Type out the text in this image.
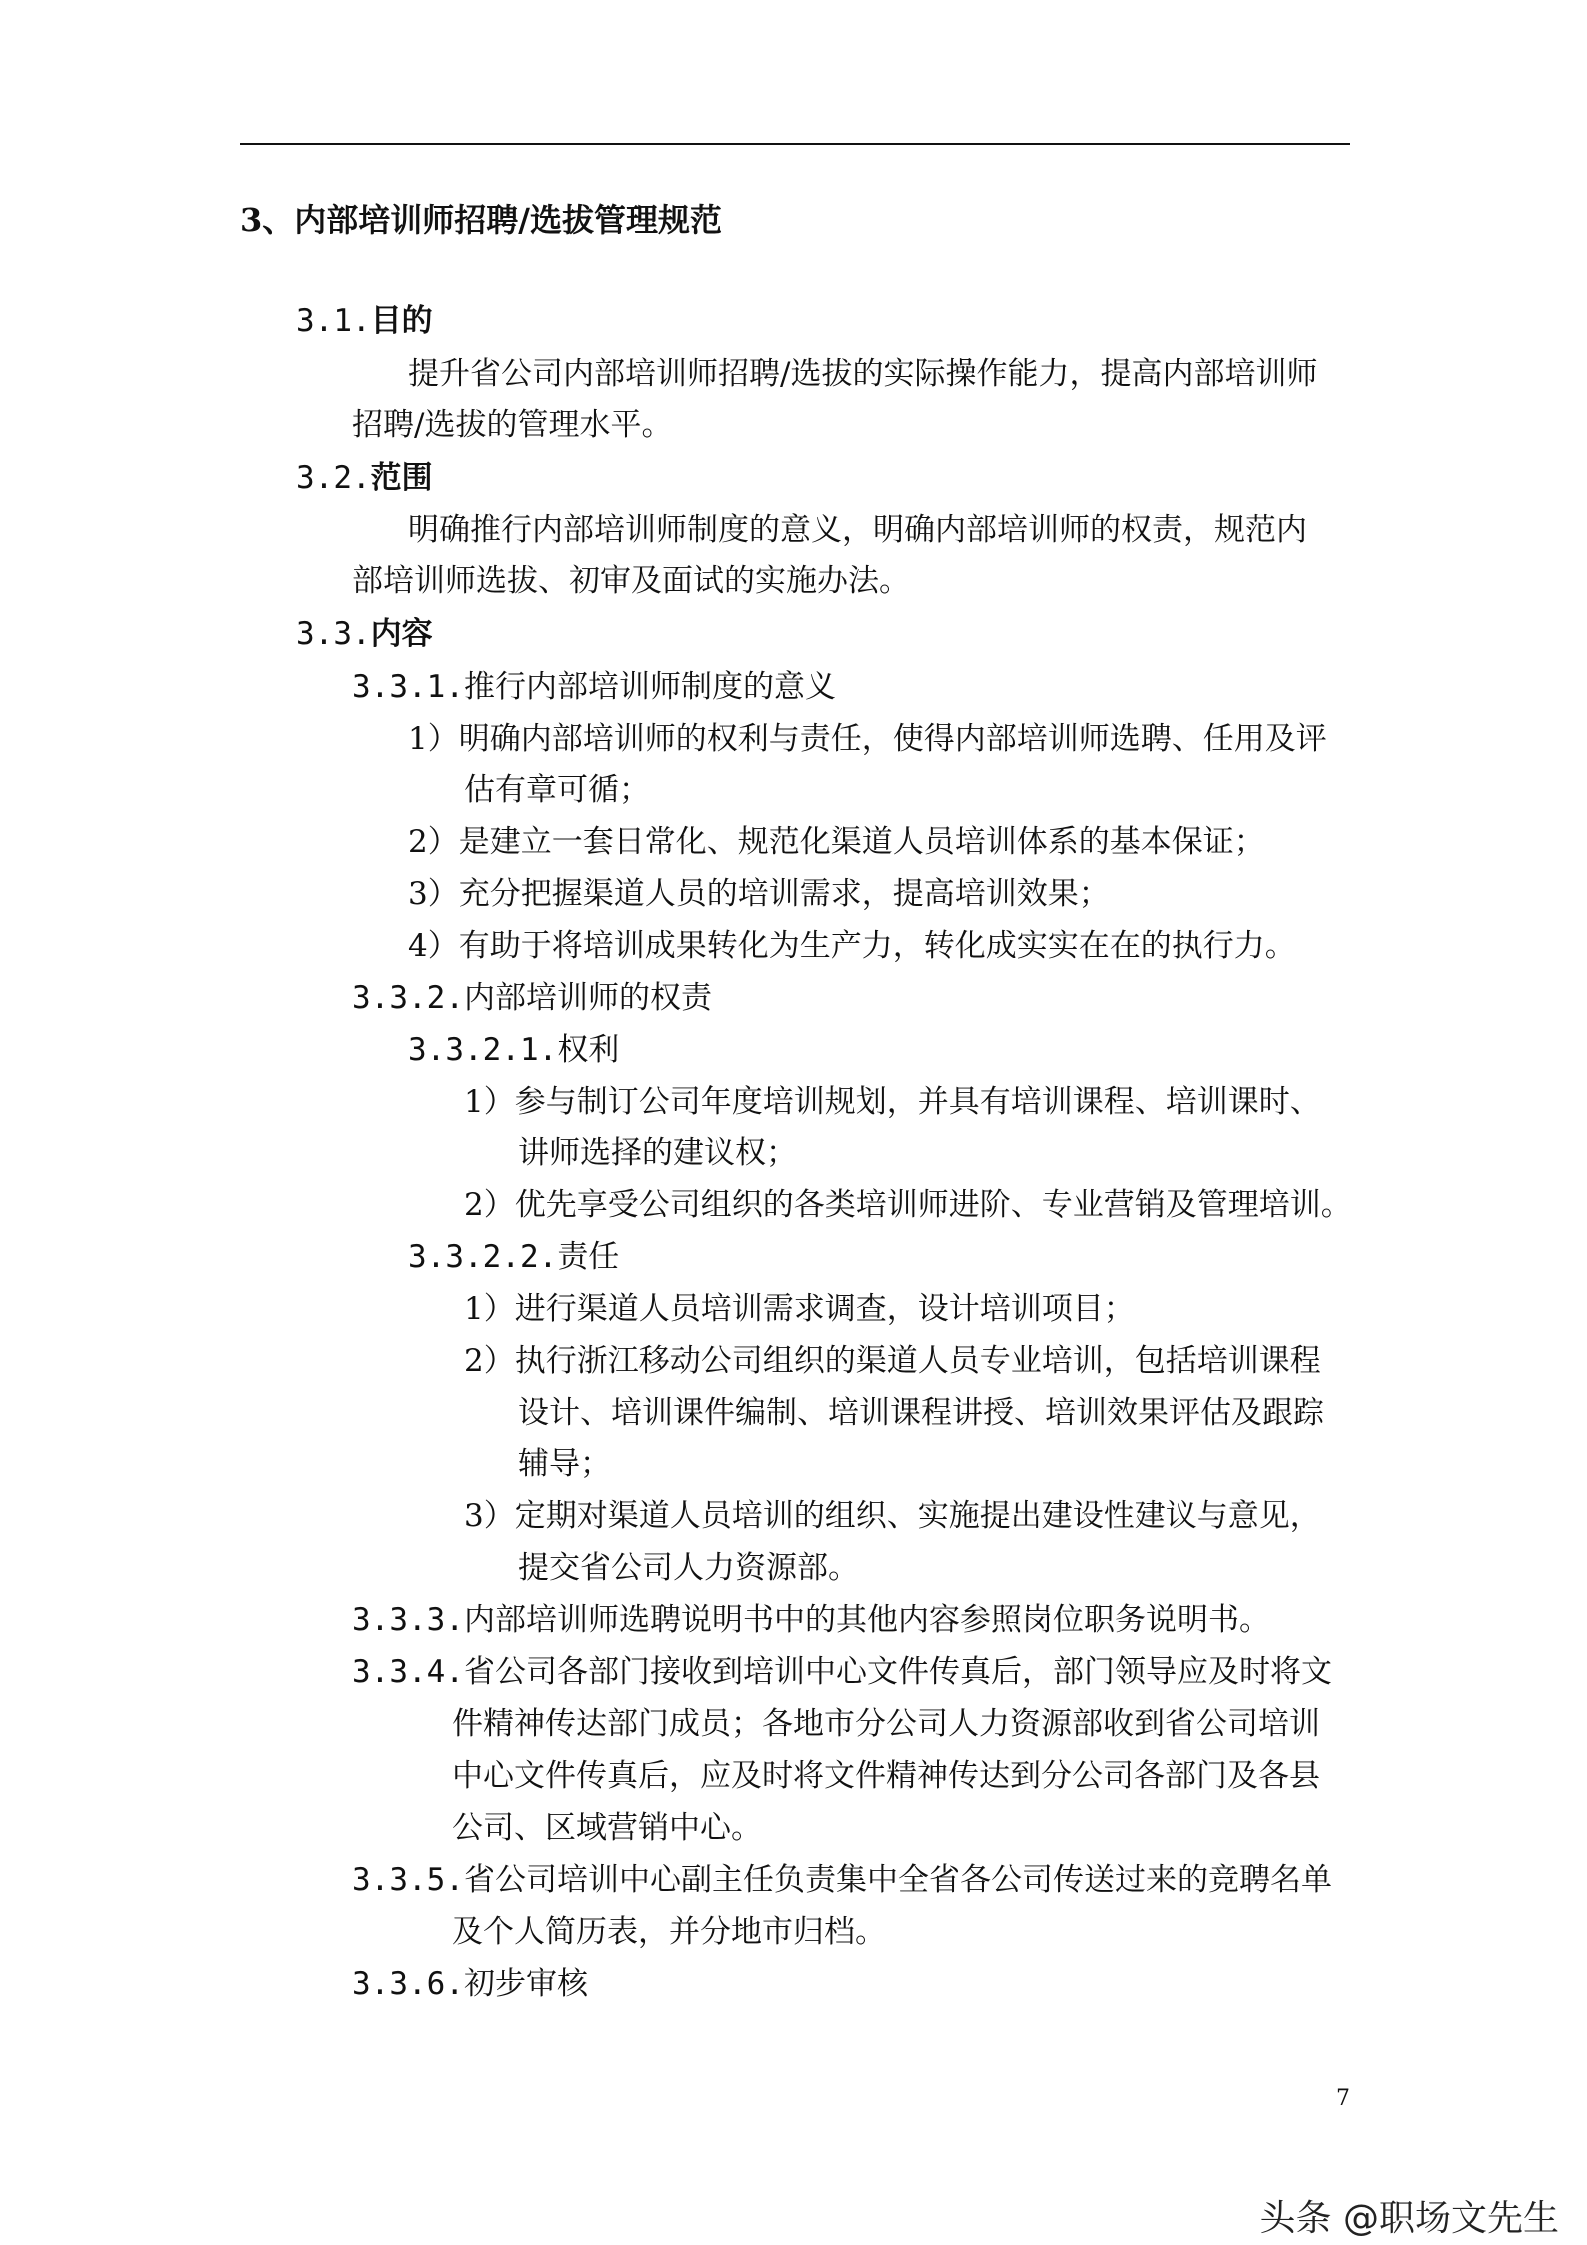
3、内部培训师招聘/选拔管理规范
3.1.目的
提升省公司内部培训师招聘/选拔的实际操作能力，提高内部培训师
招聘/选拔的管理水平。
3.2.范围
明确推行内部培训师制度的意义，明确内部培训师的权责，规范内
部培训师选拔、初审及面试的实施办法。
3.3.内容
3.3.1.推行内部培训师制度的意义
1）明确内部培训师的权利与责任，使得内部培训师选聘、任用及评
估有章可循；
2）是建立一套日常化、规范化渠道人员培训体系的基本保证；
3）充分把握渠道人员的培训需求，提高培训效果；
4）有助于将培训成果转化为生产力，转化成实实在在的执行力。
3.3.2.内部培训师的权责
3.3.2.1.权利
1）参与制订公司年度培训规划，并具有培训课程、培训课时、
讲师选择的建议权；
2）优先享受公司组织的各类培训师进阶、专业营销及管理培训。
3.3.2.2.责任
1）进行渠道人员培训需求调查，设计培训项目；
2）执行浙江移动公司组织的渠道人员专业培训，包括培训课程
设计、培训课件编制、培训课程讲授、培训效果评估及跟踪
辅导；
3）定期对渠道人员培训的组织、实施提出建设性建议与意见，
提交省公司人力资源部。
3.3.3.内部培训师选聘说明书中的其他内容参照岗位职务说明书。
3.3.4.省公司各部门接收到培训中心文件传真后，部门领导应及时将文
件精神传达部门成员；各地市分公司人力资源部收到省公司培训
中心文件传真后，应及时将文件精神传达到分公司各部门及各县
公司、区域营销中心。
3.3.5.省公司培训中心副主任负责集中全省各公司传送过来的竞聘名单
及个人简历表，并分地市归档。
3.3.6.初步审核
7
头条 @职场文先生
